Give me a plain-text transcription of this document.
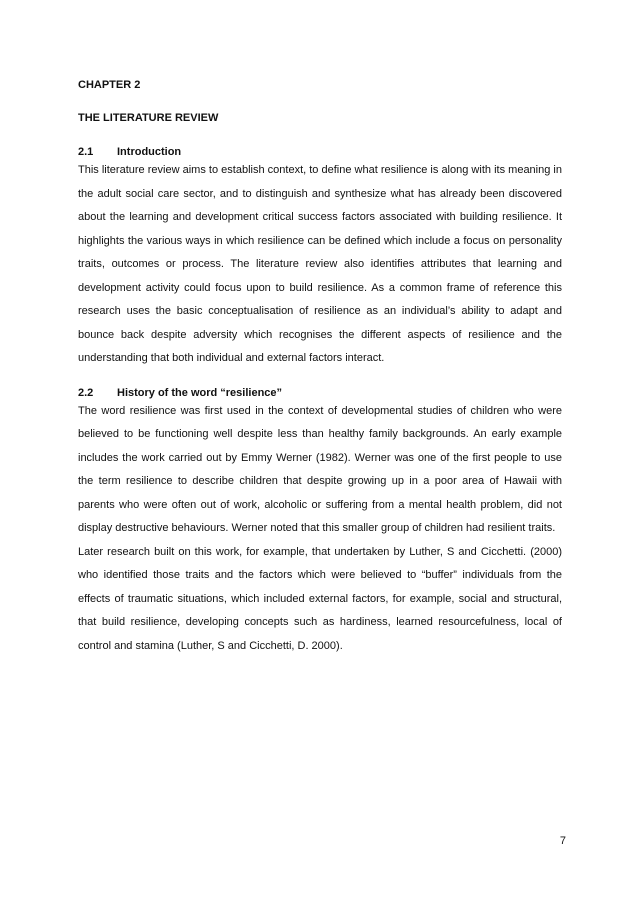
CHAPTER 2
THE LITERATURE REVIEW
2.1	Introduction

This literature review aims to establish context, to define what resilience is along with its meaning in the adult social care sector, and to distinguish and synthesize what has already been discovered about the learning and development critical success factors associated with building resilience. It highlights the various ways in which resilience can be defined which include a focus on personality traits, outcomes or process. The literature review also identifies attributes that learning and development activity could focus upon to build resilience. As a common frame of reference this research uses the basic conceptualisation of resilience as an individual’s ability to adapt and bounce back despite adversity which recognises the different aspects of resilience and the understanding that both individual and external factors interact.

2.2	History of the word “resilience”

The word resilience was first used in the context of developmental studies of children who were believed to be functioning well despite less than healthy family backgrounds. An early example includes the work carried out by Emmy Werner (1982). Werner was one of the first people to use the term resilience to describe children that despite growing up in a poor area of Hawaii with parents who were often out of work, alcoholic or suffering from a mental health problem, did not display destructive behaviours. Werner noted that this smaller group of children had resilient traits.

Later research built on this work, for example, that undertaken by Luther, S and Cicchetti. (2000) who identified those traits and the factors which were believed to “buffer” individuals from the effects of traumatic situations, which included external factors, for example, social and structural, that build resilience, developing concepts such as hardiness, learned resourcefulness, local of control and stamina (Luther, S and Cicchetti, D. 2000).

7
